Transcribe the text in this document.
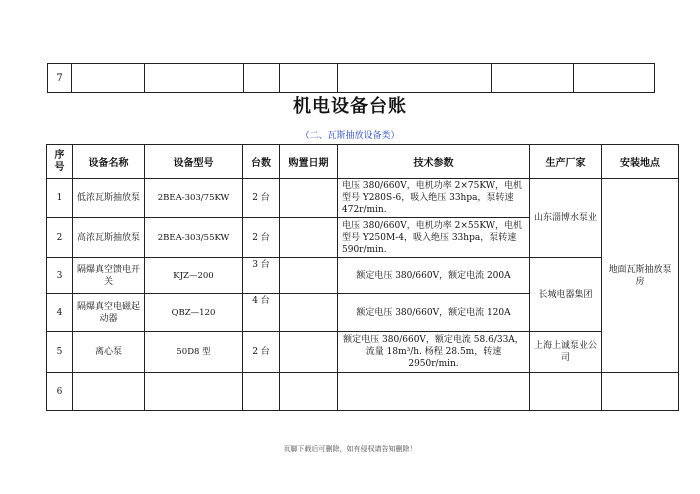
7							
机电设备台账
（二、瓦斯抽放设备类）
序
号	设备名称	设备型号	台数	购置日期	技术参数	生产厂家	安装地点
1	低浓瓦斯抽放泵	2BEA-303/75KW	2 台		电压 380/660V，电机功率 2×75KW，电机型号 Y280S-6，吸入绝压 33hpa，泵转速472r/min.	山东淄博水泵业	地面瓦斯抽放泵房
2	高浓瓦斯抽放泵	2BEA-303/55KW	2 台		电压 380/660V，电机功率 2×55KW，电机型号 Y250M-4，吸入绝压 33hpa，泵转速590r/min.		
3	隔爆真空馈电开关	KJZ—200	3 台		额定电压 380/660V，额定电流 200A	长城电器集团	
4	隔爆真空电磁起动器	QBZ—120	4 台		额定电压 380/660V，额定电流 120A		
5	离心泵	50D8 型	2 台		额定电压 380/660V，额定电流 58.6/33A，
流量 18m³/h. 杨程 28.5m，转速
2950r/min.	上海上诚泵业公司	
6							
页脚下载后可删除，如有侵权请告知删除！
